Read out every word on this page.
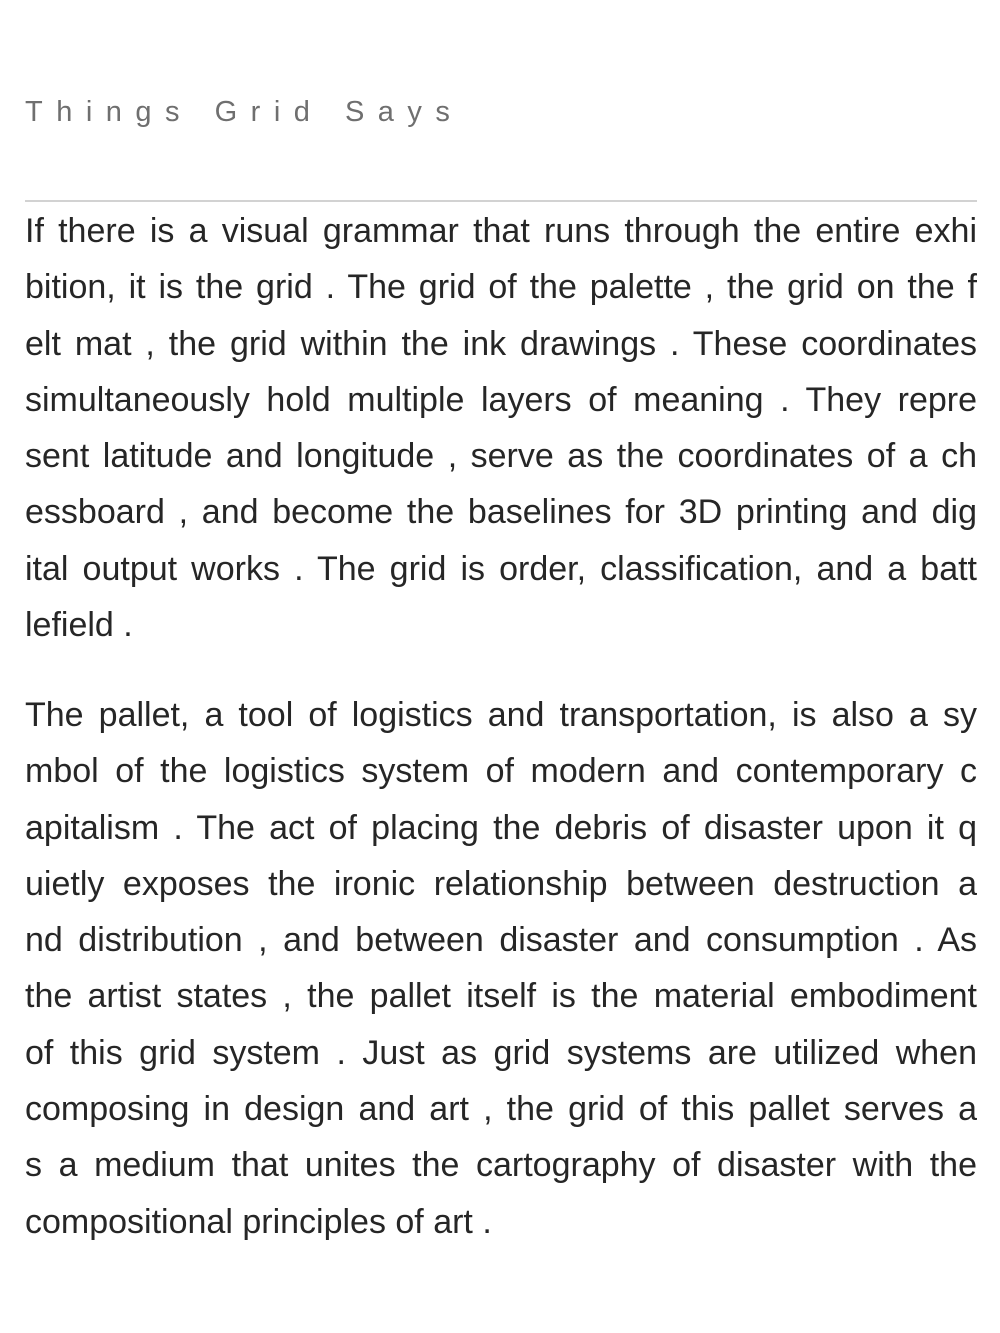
Things Grid Says

If there is a visual grammar that runs through the entire exhi
bition, it is the grid . The grid of the palette , the grid on the f
elt mat , the grid within the ink drawings . These coordinates
simultaneously hold multiple layers of meaning . They repre
sent latitude and longitude , serve as the coordinates of a ch
essboard , and become the baselines for 3D printing and dig
ital output works . The grid is order, classification, and a batt
lefield .

The pallet, a tool of logistics and transportation, is also a sy
mbol of the logistics system of modern and contemporary c
apitalism . The act of placing the debris of disaster upon it q
uietly exposes the ironic relationship between destruction a
nd distribution , and between disaster and consumption . As
the artist states , the pallet itself is the material embodiment
of this grid system . Just as grid systems are utilized when
composing in design and art , the grid of this pallet serves a
s a medium that unites the cartography of disaster with the
compositional principles of art .
